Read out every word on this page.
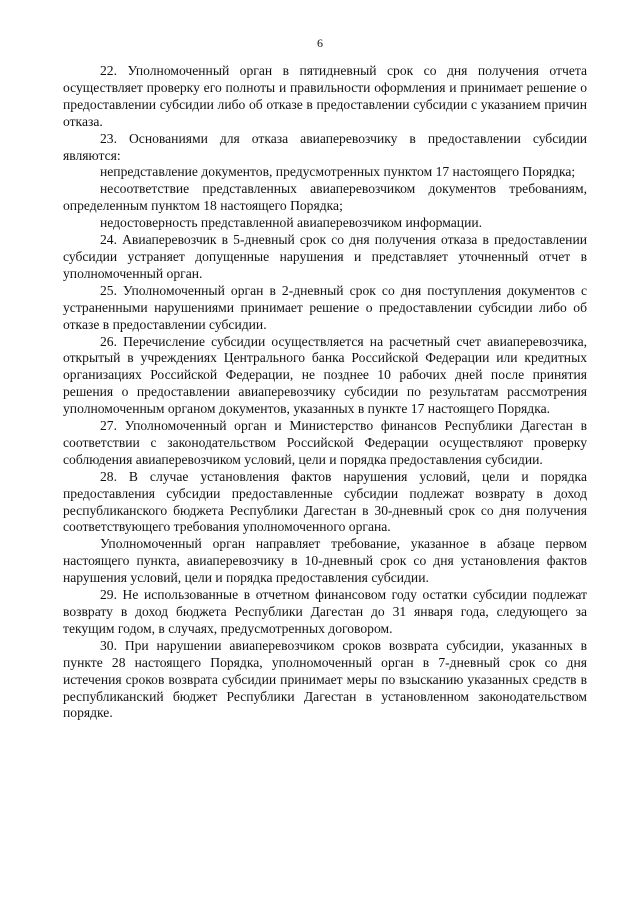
6

22. Уполномоченный орган в пятидневный срок со дня получения отчета осуществляет проверку его полноты и правильности оформления и принимает решение о предоставлении субсидии либо об отказе в предоставлении субсидии с указанием причин отказа.

23. Основаниями для отказа авиаперевозчику в предоставлении субсидии являются:

непредставление документов, предусмотренных пунктом 17 настоящего Порядка;

несоответствие представленных авиаперевозчиком документов требованиям, определенным пунктом 18 настоящего Порядка;

недостоверность представленной авиаперевозчиком информации.

24. Авиаперевозчик в 5-дневный срок со дня получения отказа в предоставлении субсидии устраняет допущенные нарушения и представляет уточненный отчет в уполномоченный орган.

25. Уполномоченный орган в 2-дневный срок со дня поступления документов с устраненными нарушениями принимает решение о предоставлении субсидии либо об отказе в предоставлении субсидии.

26. Перечисление субсидии осуществляется на расчетный счет авиаперевозчика, открытый в учреждениях Центрального банка Российской Федерации или кредитных организациях Российской Федерации, не позднее 10 рабочих дней после принятия решения о предоставлении авиаперевозчику субсидии по результатам рассмотрения уполномоченным органом документов, указанных в пункте 17 настоящего Порядка.

27. Уполномоченный орган и Министерство финансов Республики Дагестан в соответствии с законодательством Российской Федерации осуществляют проверку соблюдения авиаперевозчиком условий, цели и порядка предоставления субсидии.

28. В случае установления фактов нарушения условий, цели и порядка предоставления субсидии предоставленные субсидии подлежат возврату в доход республиканского бюджета Республики Дагестан в 30-дневный срок со дня получения соответствующего требования уполномоченного органа.

Уполномоченный орган направляет требование, указанное в абзаце первом настоящего пункта, авиаперевозчику в 10-дневный срок со дня установления фактов нарушения условий, цели и порядка предоставления субсидии.

29. Не использованные в отчетном финансовом году остатки субсидии подлежат возврату в доход бюджета Республики Дагестан до 31 января года, следующего за текущим годом, в случаях, предусмотренных договором.

30. При нарушении авиаперевозчиком сроков возврата субсидии, указанных в пункте 28 настоящего Порядка, уполномоченный орган в 7-дневный срок со дня истечения сроков возврата субсидии принимает меры по взысканию указанных средств в республиканский бюджет Республики Дагестан в установленном законодательством порядке.
